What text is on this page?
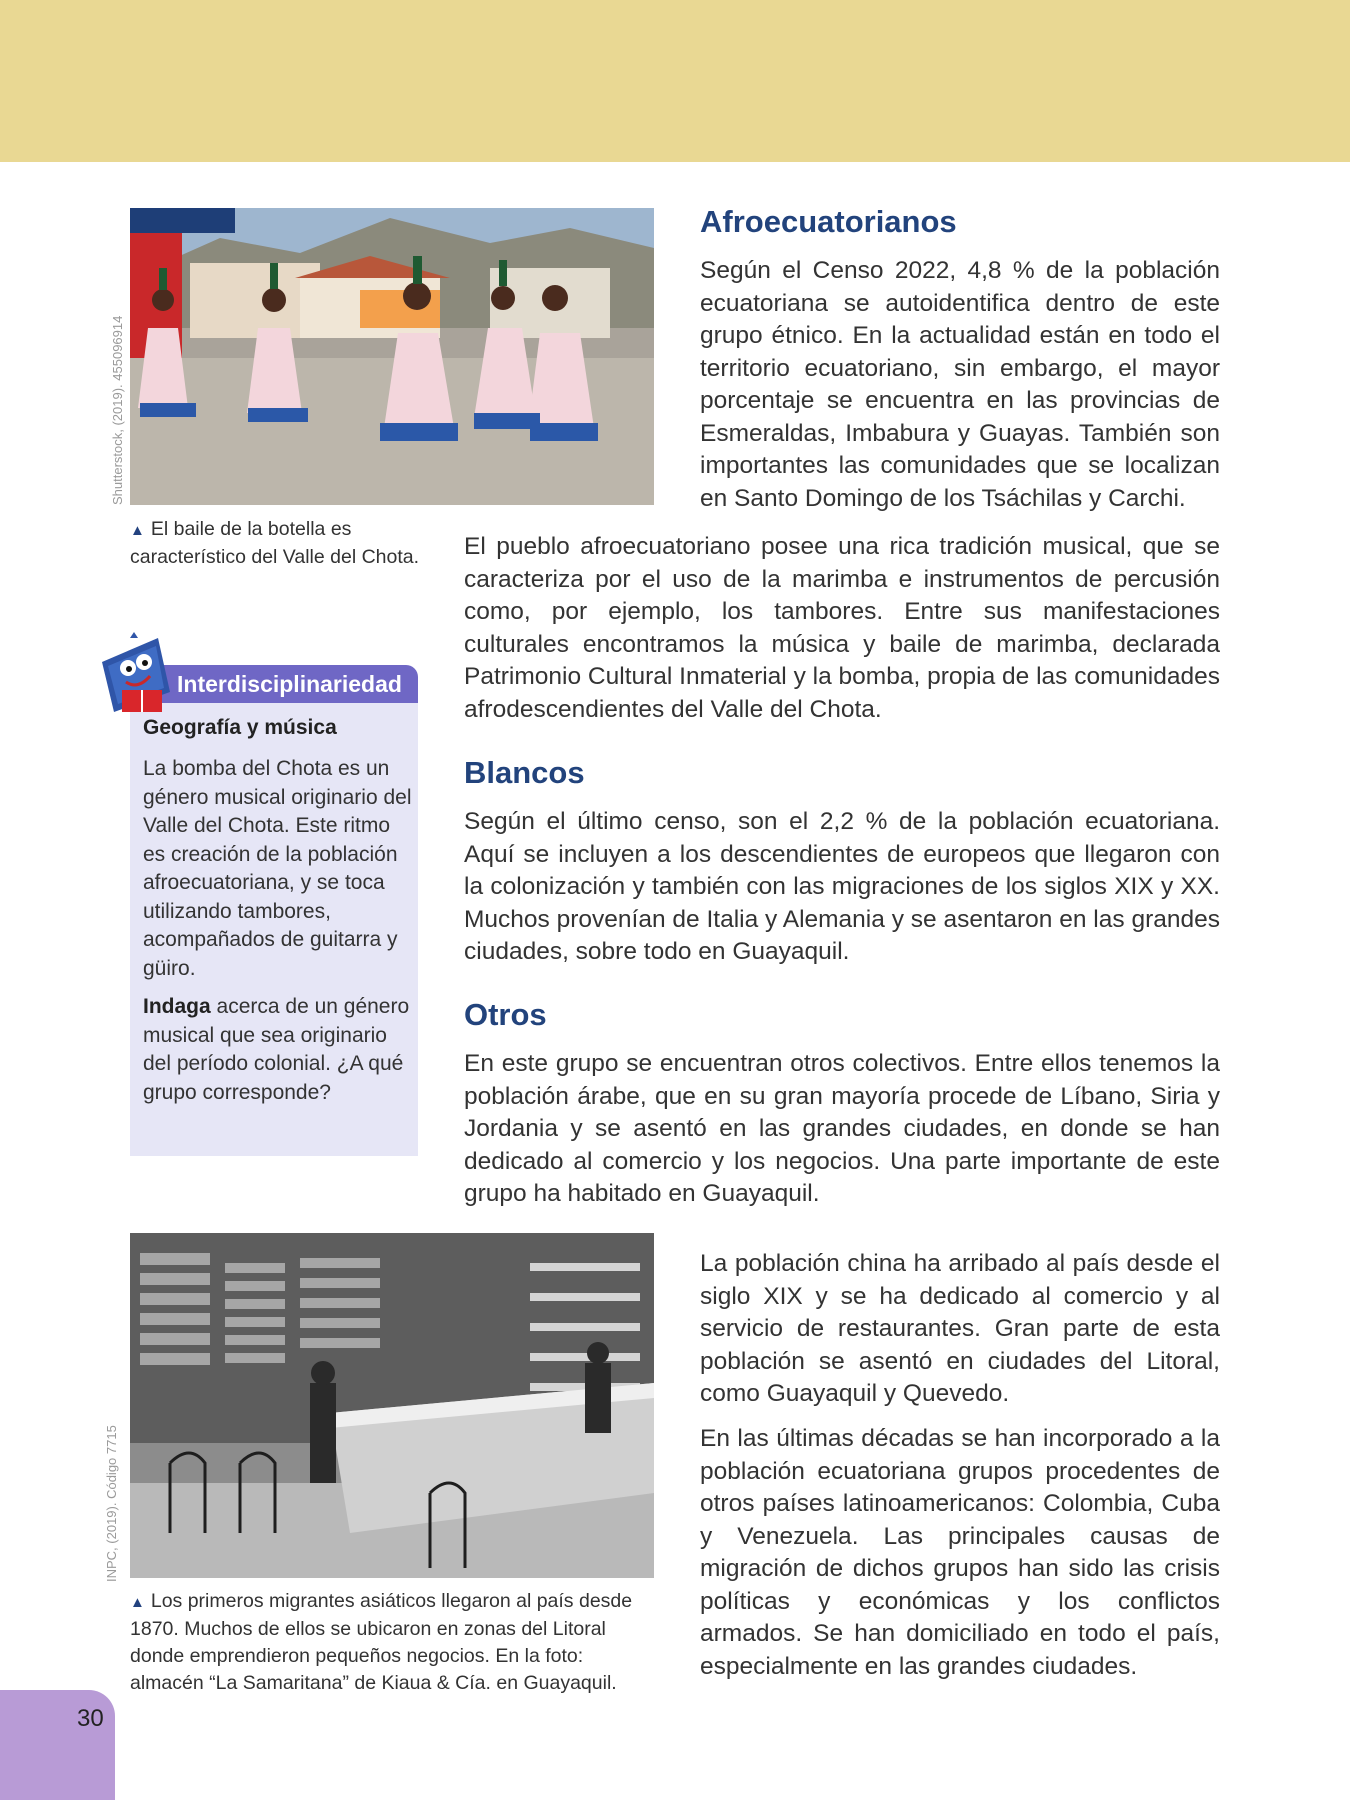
Shutterstock, (2019). 455096914

▲ El baile de la botella es característico del Valle del Chota.

Interdisciplinariedad

Geografía y música

La bomba del Chota es un género musical originario del Valle del Chota. Este ritmo es creación de la población afroecuatoriana, y se toca utilizando tambores, acompañados de guitarra y güiro.

Indaga acerca de un género musical que sea originario del período colonial. ¿A qué grupo corresponde?

Afroecuatorianos

Según el Censo 2022, 4,8 % de la población ecuatoriana se autoidentifica dentro de este grupo étnico. En la actualidad están en todo el territorio ecuatoriano, sin embargo, el mayor porcentaje se encuentra en las provincias de Esmeraldas, Imbabura y Guayas. También son importantes las comunidades que se localizan en Santo Domingo de los Tsáchilas y Carchi.

El pueblo afroecuatoriano posee una rica tradición musical, que se caracteriza por el uso de la marimba e instrumentos de percusión como, por ejemplo, los tambores. Entre sus manifestaciones culturales encontramos la música y baile de marimba, declarada Patrimonio Cultural Inmaterial y la bomba, propia de las comunidades afrodescendientes del Valle del Chota.

Blancos

Según el último censo, son el 2,2 % de la población ecuatoriana. Aquí se incluyen a los descendientes de europeos que llegaron con la colonización y también con las migraciones de los siglos XIX y XX. Muchos provenían de Italia y Alemania y se asentaron en las grandes ciudades, sobre todo en Guayaquil.

Otros

En este grupo se encuentran otros colectivos. Entre ellos tenemos la población árabe, que en su gran mayoría procede de Líbano, Siria y Jordania y se asentó en las grandes ciudades, en donde se han dedicado al comercio y los negocios. Una parte importante de este grupo ha habitado en Guayaquil.

INPC, (2019). Código 7715

▲ Los primeros migrantes asiáticos llegaron al país desde 1870. Muchos de ellos se ubicaron en zonas del Litoral donde emprendieron pequeños negocios. En la foto: almacén “La Samaritana” de Kiaua & Cía. en Guayaquil.

La población china ha arribado al país desde el siglo XIX y se ha dedicado al comercio y al servicio de restaurantes. Gran parte de esta población se asentó en ciudades del Litoral, como Guayaquil y Quevedo.

En las últimas décadas se han incorporado a la población ecuatoriana grupos procedentes de otros países latinoamericanos: Colombia, Cuba y Venezuela. Las principales causas de migración de dichos grupos han sido las crisis políticas y económicas y los conflictos armados. Se han domiciliado en todo el país, especialmente en las grandes ciudades.

30
